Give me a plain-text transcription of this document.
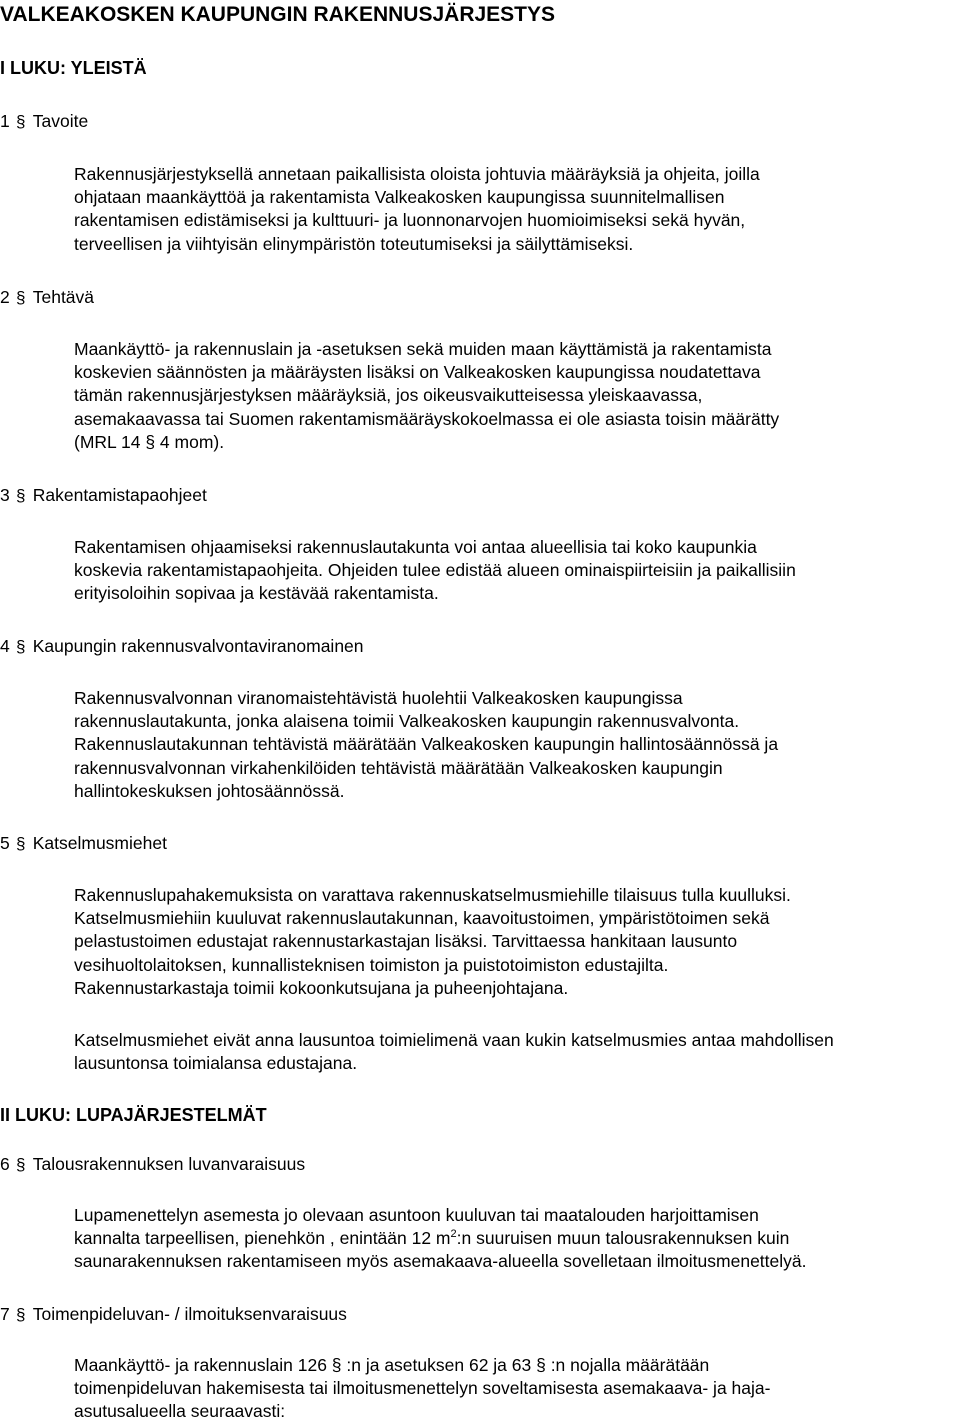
VALKEAKOSKEN KAUPUNGIN RAKENNUSJÄRJESTYS
I LUKU: YLEISTÄ
1 § Tavoite
Rakennusjärjestyksellä annetaan paikallisista oloista johtuvia määräyksiä ja ohjeita, joilla
ohjataan maankäyttöä ja rakentamista Valkeakosken kaupungissa suunnitelmallisen
rakentamisen edistämiseksi ja kulttuuri- ja luonnonarvojen huomioimiseksi sekä hyvän,
terveellisen ja viihtyisän elinympäristön toteutumiseksi ja säilyttämiseksi.
2 § Tehtävä
Maankäyttö- ja rakennuslain ja -asetuksen sekä muiden maan käyttämistä ja rakentamista
koskevien säännösten ja määräysten lisäksi on Valkeakosken kaupungissa noudatettava
tämän rakennusjärjestyksen määräyksiä, jos oikeusvaikutteisessa yleiskaavassa,
asemakaavassa tai Suomen rakentamismääräyskokoelmassa ei ole asiasta toisin määrätty
(MRL 14 § 4 mom).
3 § Rakentamistapaohjeet
Rakentamisen ohjaamiseksi rakennuslautakunta voi antaa alueellisia tai koko kaupunkia
koskevia rakentamistapaohjeita. Ohjeiden tulee edistää alueen ominaispiirteisiin ja paikallisiin
erityisoloihin sopivaa ja kestävää rakentamista.
4 § Kaupungin rakennusvalvontaviranomainen
Rakennusvalvonnan viranomaistehtävistä huolehtii Valkeakosken kaupungissa
rakennuslautakunta, jonka alaisena toimii Valkeakosken kaupungin rakennusvalvonta.
Rakennuslautakunnan tehtävistä määrätään Valkeakosken kaupungin hallintosäännössä ja
rakennusvalvonnan virkahenkilöiden tehtävistä määrätään Valkeakosken kaupungin
hallintokeskuksen johtosäännössä.
5 § Katselmusmiehet
Rakennuslupahakemuksista on varattava rakennuskatselmusmiehille tilaisuus tulla kuulluksi.
Katselmusmiehiin kuuluvat rakennuslautakunnan, kaavoitustoimen, ympäristötoimen sekä
pelastustoimen edustajat rakennustarkastajan lisäksi. Tarvittaessa hankitaan lausunto
vesihuoltolaitoksen, kunnallisteknisen toimiston ja puistotoimiston edustajilta.
Rakennustarkastaja toimii kokoonkutsujana ja puheenjohtajana.
Katselmusmiehet eivät anna lausuntoa toimielimenä vaan kukin katselmusmies antaa mahdollisen
lausuntonsa toimialansa edustajana.
II LUKU: LUPAJÄRJESTELMÄT
6 § Talousrakennuksen luvanvaraisuus
Lupamenettelyn asemesta jo olevaan asuntoon kuuluvan tai maatalouden harjoittamisen
kannalta tarpeellisen, pienehkön , enintään 12 $m^2:n$ suuruisen muun talousrakennuksen kuin
saunarakennuksen rakentamiseen myös asemakaava-alueella sovelletaan ilmoitusmenettelyä.
7 § Toimenpideluvan- / ilmoituksenvaraisuus
Maankäyttö- ja rakennuslain 126 § :n ja asetuksen 62 ja 63 § :n nojalla määrätään
toimenpideluvan hakemisesta tai ilmoitusmenettelyn soveltamisesta asemakaava- ja haja-
asutusalueella seuraavasti:
